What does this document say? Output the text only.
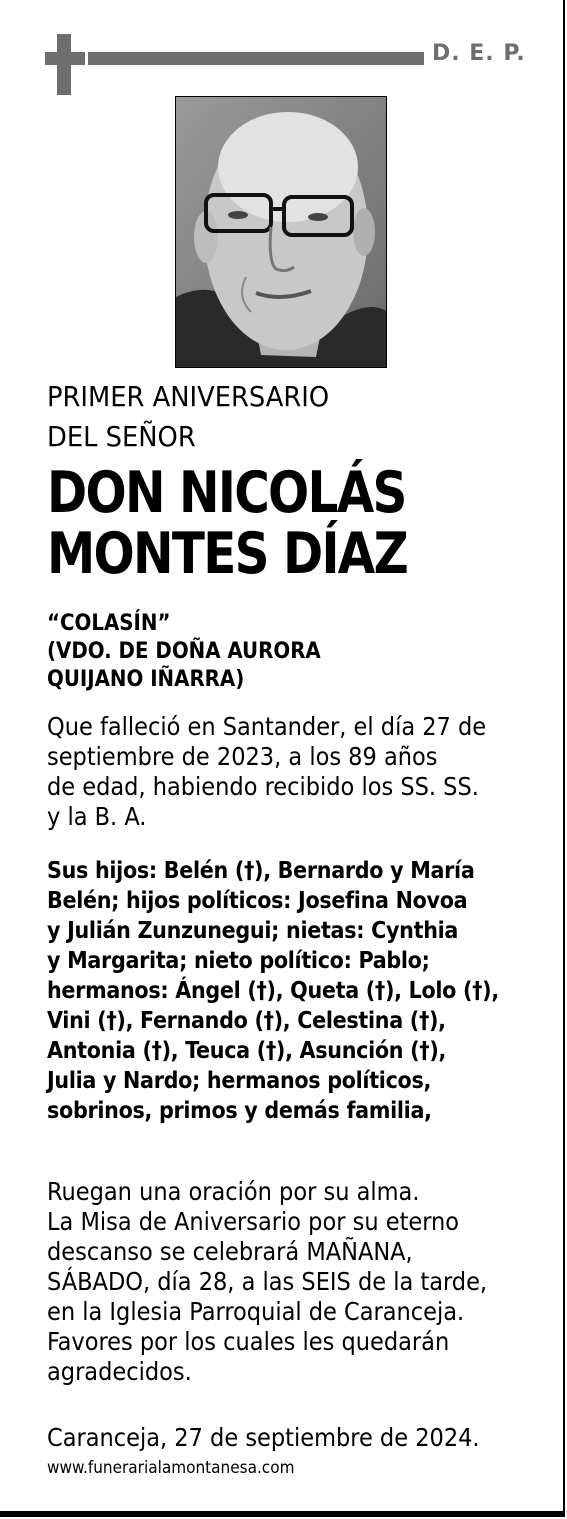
D. E. P.
PRIMER ANIVERSARIO
DEL SEÑOR
DON NICOLÁS
MONTES DÍAZ
“COLASÍN”
(VDO. DE DOÑA AURORA
QUIJANO IÑARRA)
Que falleció en Santander, el día 27 de
septiembre de 2023, a los 89 años
de edad, habiendo recibido los SS. SS.
y la B. A.
Sus hijos: Belén (†), Bernardo y María
Belén; hijos políticos: Josefina Novoa
y Julián Zunzunegui; nietas: Cynthia
y Margarita; nieto político: Pablo;
hermanos: Ángel (†), Queta (†), Lolo (†),
Vini (†), Fernando (†), Celestina (†),
Antonia (†), Teuca (†), Asunción (†),
Julia y Nardo; hermanos políticos,
sobrinos, primos y demás familia,
Ruegan una oración por su alma.
La Misa de Aniversario por su eterno
descanso se celebrará MAÑANA,
SÁBADO, día 28, a las SEIS de la tarde,
en la Iglesia Parroquial de Caranceja.
Favores por los cuales les quedarán
agradecidos.
Caranceja, 27 de septiembre de 2024.
www.funerarialamontanesa.com
